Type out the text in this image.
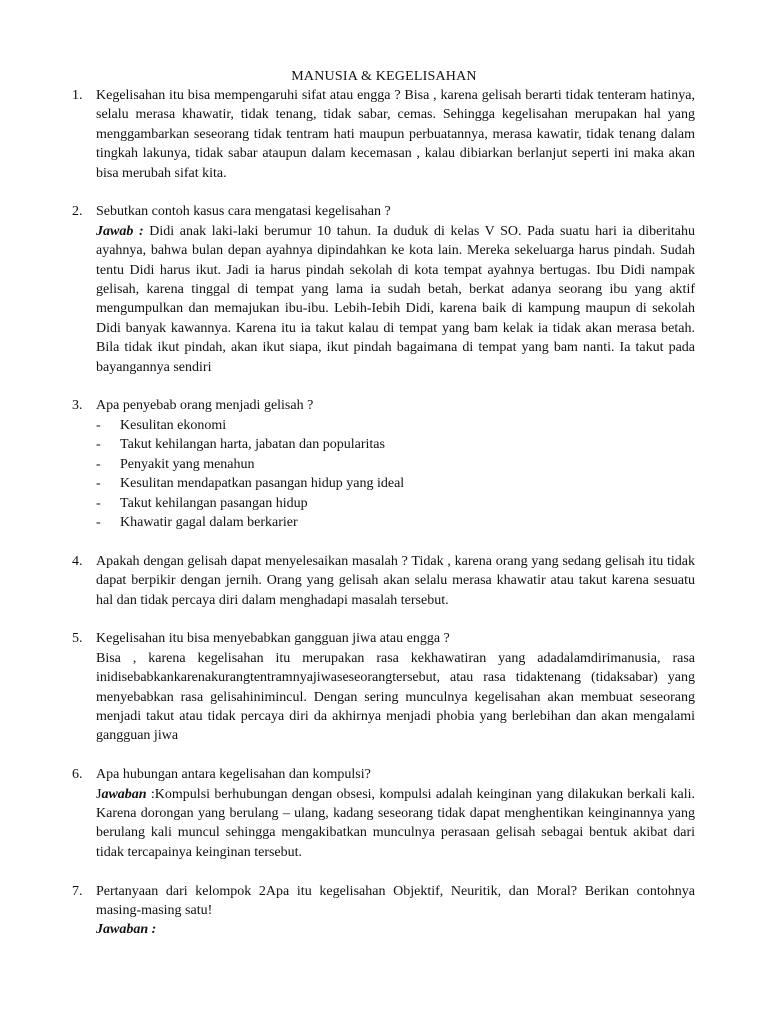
MANUSIA & KEGELISAHAN
1. Kegelisahan itu bisa mempengaruhi sifat atau engga ? Bisa , karena gelisah berarti tidak tenteram hatinya, selalu merasa khawatir, tidak tenang, tidak sabar, cemas. Sehingga kegelisahan merupakan hal yang menggambarkan seseorang tidak tentram hati maupun perbuatannya, merasa kawatir, tidak tenang dalam tingkah lakunya, tidak sabar ataupun dalam kecemasan , kalau dibiarkan berlanjut seperti ini maka akan bisa merubah sifat kita.

2. Sebutkan contoh kasus cara mengatasi kegelisahan ?

Jawab : Didi anak laki-laki berumur 10 tahun. Ia duduk di kelas V SO. Pada suatu hari ia diberitahu ayahnya, bahwa bulan depan ayahnya dipindahkan ke kota lain. Mereka sekeluarga harus pindah. Sudah tentu Didi harus ikut. Jadi ia harus pindah sekolah di kota tempat ayahnya bertugas. Ibu Didi nampak gelisah, karena tinggal di tempat yang lama ia sudah betah, berkat adanya seorang ibu yang aktif mengumpulkan dan memajukan ibu-ibu. Lebih-Iebih Didi, karena baik di kampung maupun di sekolah Didi banyak kawannya. Karena itu ia takut kalau di tempat yang bam kelak ia tidak akan merasa betah. Bila tidak ikut pindah, akan ikut siapa, ikut pindah bagaimana di tempat yang bam nanti. Ia takut pada bayangannya sendiri

3. Apa penyebab orang menjadi gelisah ?

- Kesulitan ekonomi
- Takut kehilangan harta, jabatan dan popularitas
- Penyakit yang menahun
- Kesulitan mendapatkan pasangan hidup yang ideal
- Takut kehilangan pasangan hidup
- Khawatir gagal dalam berkarier
4. Apakah dengan gelisah dapat menyelesaikan masalah ? Tidak , karena orang yang sedang gelisah itu tidak dapat berpikir dengan jernih. Orang yang gelisah akan selalu merasa khawatir atau takut karena sesuatu hal dan tidak percaya diri dalam menghadapi masalah tersebut.

5. Kegelisahan itu bisa menyebabkan gangguan jiwa atau engga ?

Bisa , karena kegelisahan itu merupakan rasa kekhawatiran yang adadalamdirimanusia, rasa inidisebabkankarenakurangtentramnyajiwaseseorangtersebut, atau rasa tidaktenang (tidaksabar) yang menyebabkan rasa gelisahinimincul. Dengan sering munculnya kegelisahan akan membuat seseorang menjadi takut atau tidak percaya diri da akhirnya menjadi phobia yang berlebihan dan akan mengalami gangguan jiwa

6. Apa hubungan antara kegelisahan dan kompulsi?

Jawaban :Kompulsi berhubungan dengan obsesi, kompulsi adalah keinginan yang dilakukan berkali kali. Karena dorongan yang berulang – ulang, kadang seseorang tidak dapat menghentikan keinginannya yang berulang kali muncul sehingga mengakibatkan munculnya perasaan gelisah sebagai bentuk akibat dari tidak tercapainya keinginan tersebut.

7. Pertanyaan dari kelompok 2Apa itu kegelisahan Objektif, Neuritik, dan Moral? Berikan contohnya masing-masing satu!

Jawaban :
